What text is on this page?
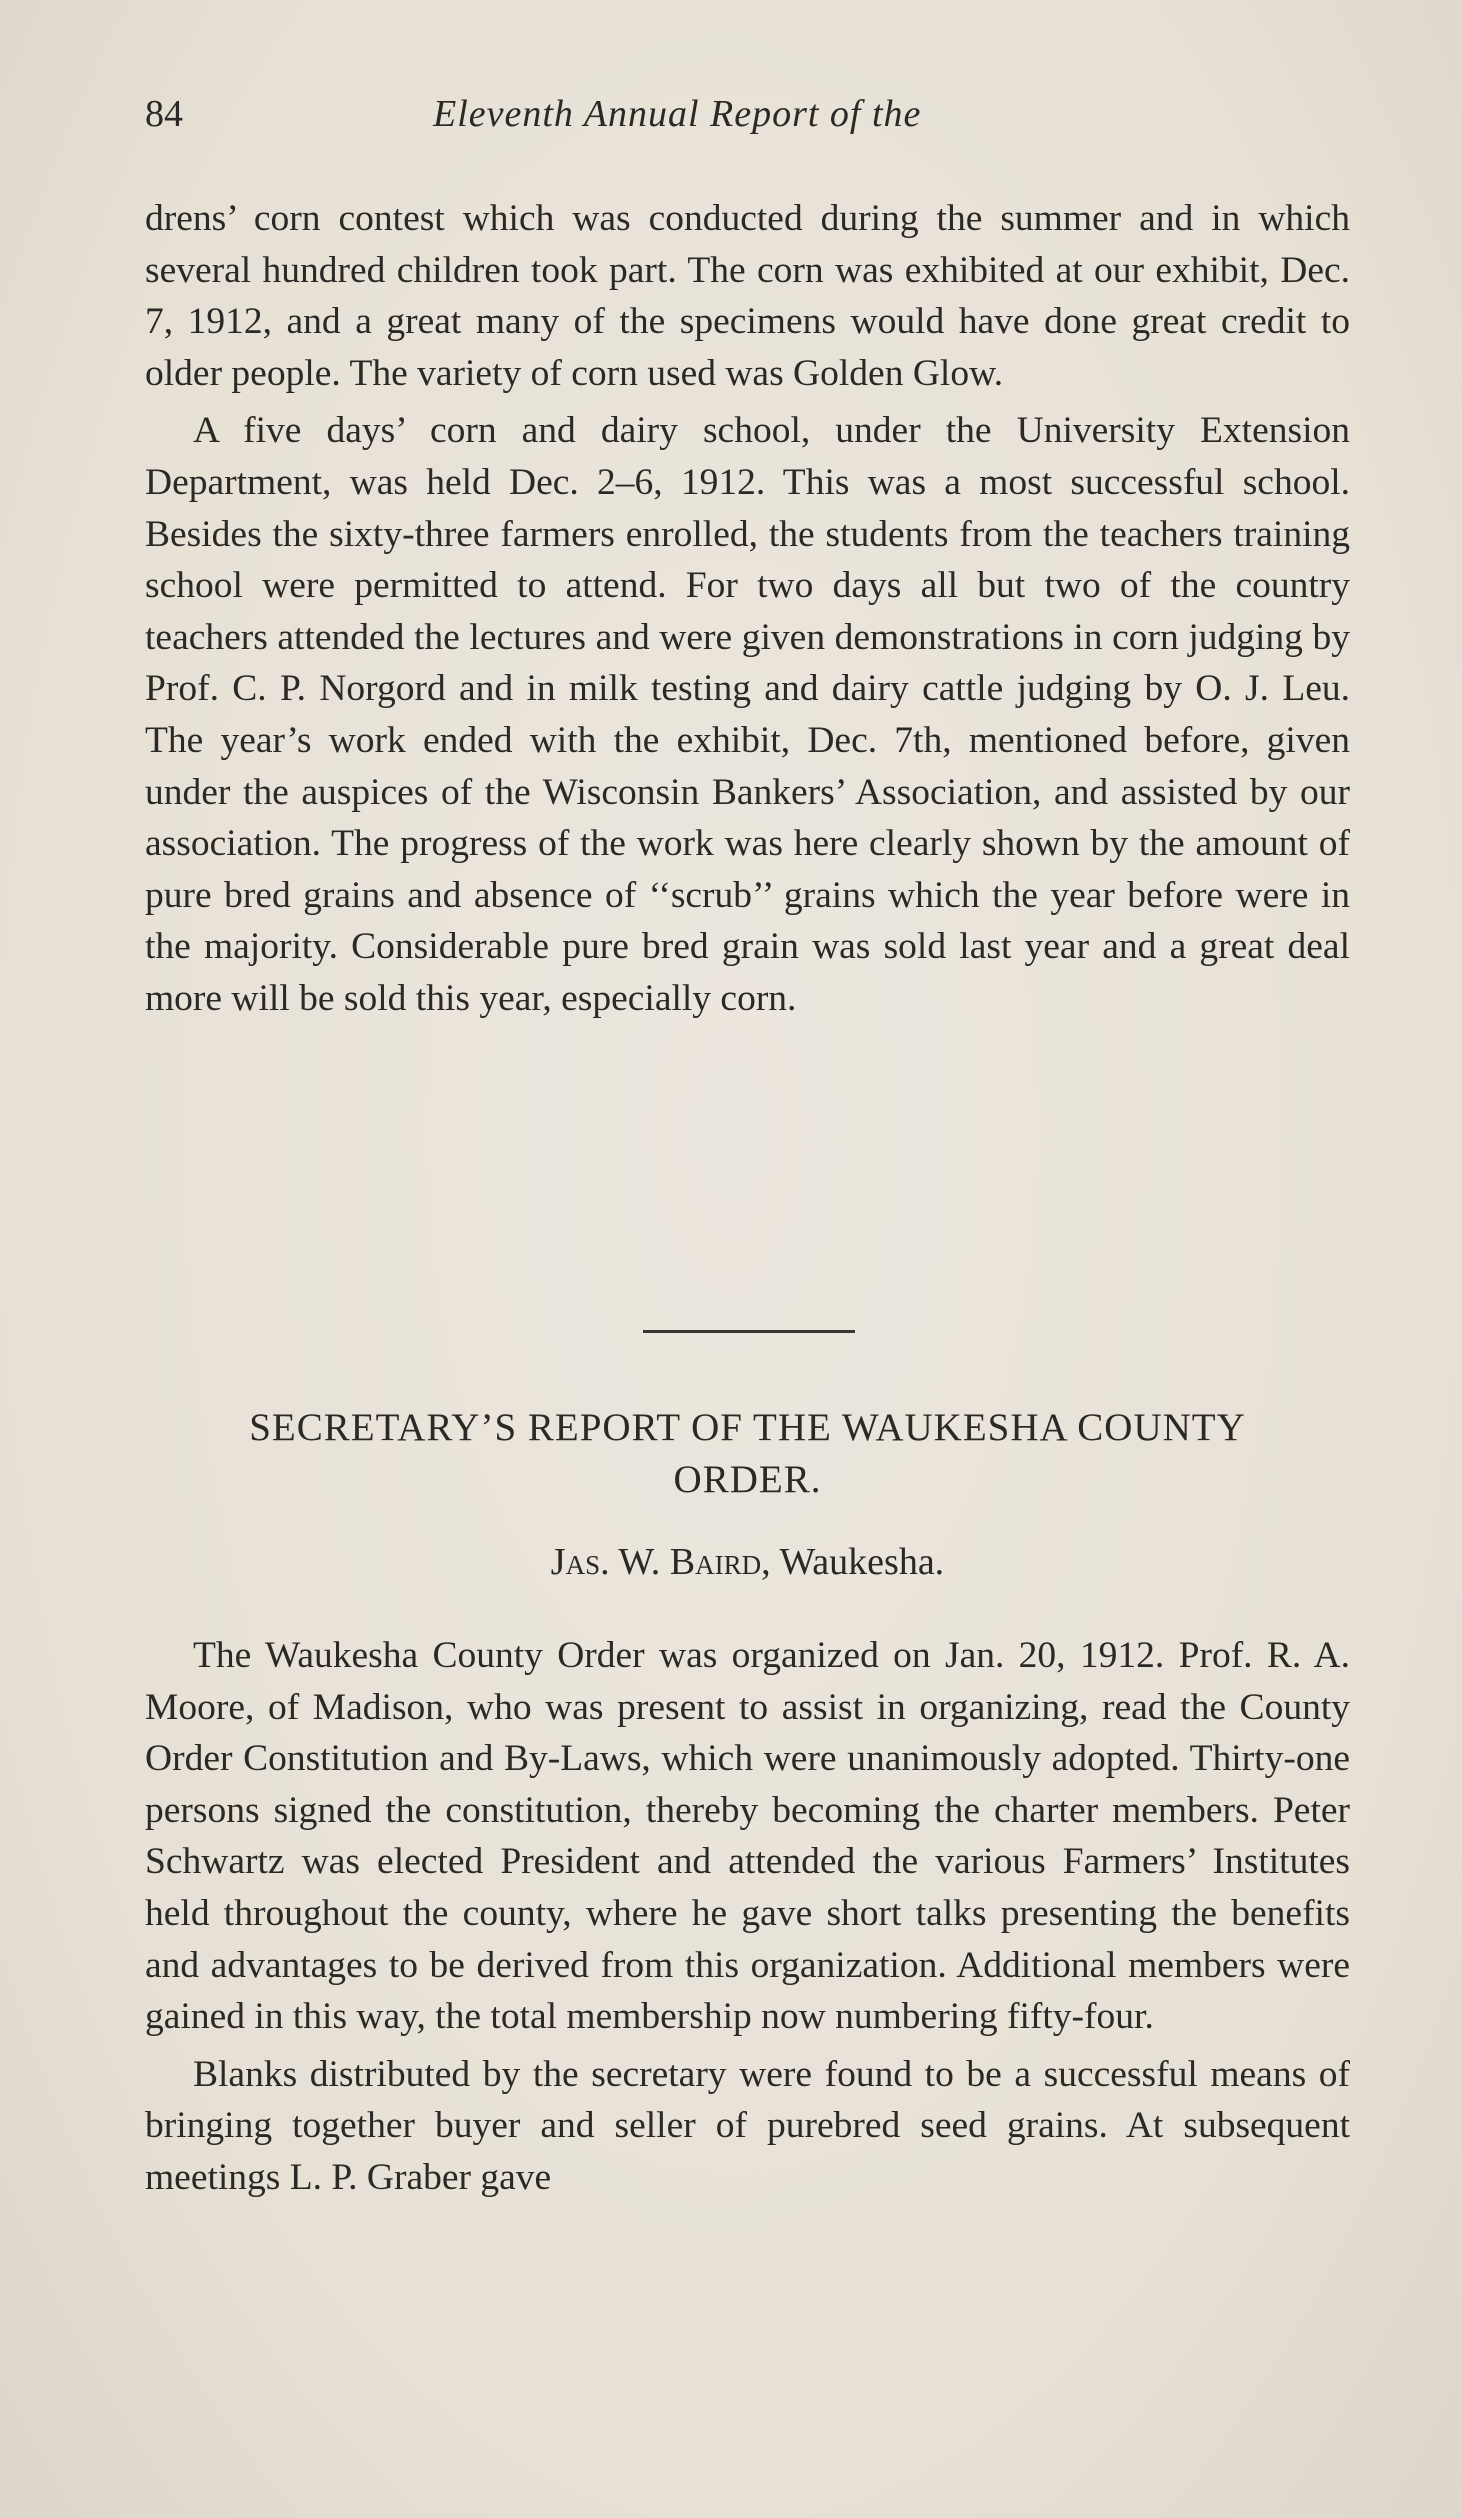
84	Eleventh Annual Report of the

drens’ corn contest which was conducted during the summer and in which several hundred children took part. The corn was exhibited at our exhibit, Dec. 7, 1912, and a great many of the specimens would have done great credit to older people. The variety of corn used was Golden Glow.

A five days’ corn and dairy school, under the University Extension Department, was held Dec. 2–6, 1912. This was a most successful school. Besides the sixty-three farmers enrolled, the students from the teachers training school were permitted to attend. For two days all but two of the country teachers attended the lectures and were given demonstrations in corn judging by Prof. C. P. Norgord and in milk testing and dairy cattle judging by O. J. Leu. The year’s work ended with the exhibit, Dec. 7th, mentioned before, given under the auspices of the Wisconsin Bankers’ Association, and assisted by our association. The progress of the work was here clearly shown by the amount of pure bred grains and absence of ‘‘scrub’’ grains which the year before were in the majority. Considerable pure bred grain was sold last year and a great deal more will be sold this year, especially corn.

SECRETARY’S REPORT OF THE WAUKESHA COUNTY
ORDER.
Jas. W. Baird, Waukesha.

The Waukesha County Order was organized on Jan. 20, 1912. Prof. R. A. Moore, of Madison, who was present to assist in organizing, read the County Order Constitution and By-Laws, which were unanimously adopted. Thirty-one persons signed the constitution, thereby becoming the charter members. Peter Schwartz was elected President and attended the various Farmers’ Institutes held throughout the county, where he gave short talks presenting the benefits and advantages to be derived from this organization. Additional members were gained in this way, the total membership now numbering fifty-four.

Blanks distributed by the secretary were found to be a successful means of bringing together buyer and seller of purebred seed grains. At subsequent meetings L. P. Graber gave
